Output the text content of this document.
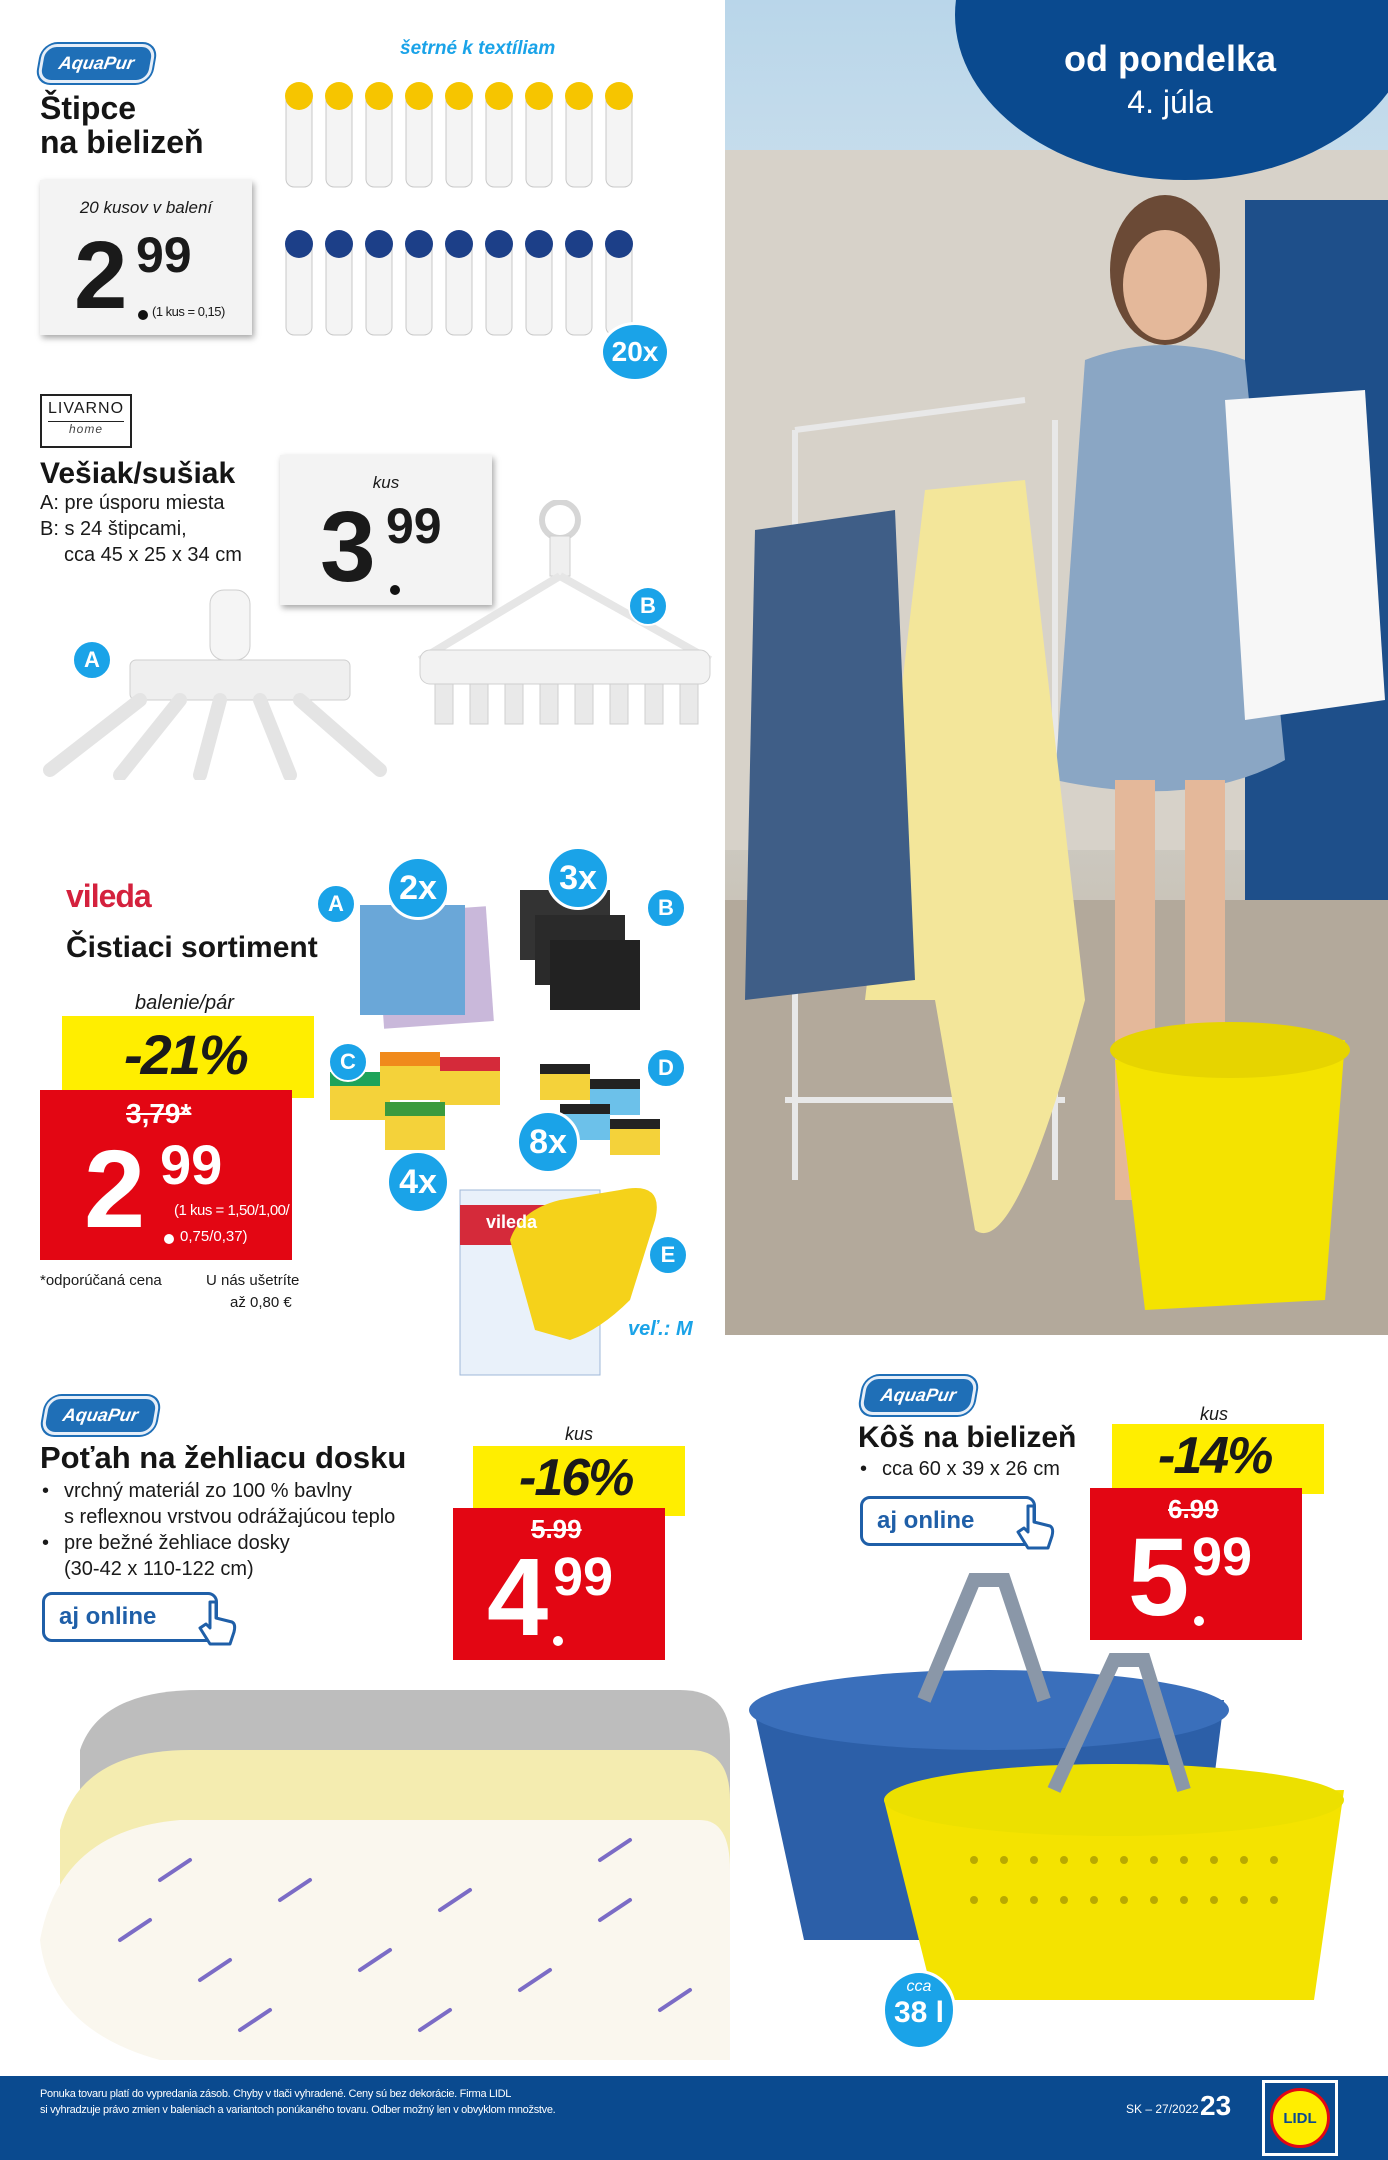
od pondelka
4. júla
AquaPur
šetrné k textíliam
Štipce
na bielizeň
20 kusov v balení
2 99
(1 kus = 0,15)
20x
LIVARNO
home
Vešiak/sušiak
A: pre úsporu miesta
B: s 24 štipcami,
cca 45 x 25 x 34 cm
kus
3 99
A
B
vileda
Čistiaci sortiment
balenie/pár
-21%
3,79*
2 99
(1 kus = 1,50/1,00/
0,75/0,37)
*odporúčaná cena	U nás ušetríte
až 0,80 €
vileda
2x	3x
4x
8x
A	B
C	D
E
veľ.: M
AquaPur
Poťah na žehliacu dosku
• vrchný materiál zo 100 % bavlny
s reflexnou vrstvou odrážajúcou teplo
• pre bežné žehliace dosky
(30-42 x 110-122 cm)
aj online
kus
-16%
5.99
4 99
AquaPur
Kôš na bielizeň
• cca 60 x 39 x 26 cm
aj online
kus
-14%
6.99
5 99
cca
38 l
Ponuka tovaru platí do vypredania zásob. Chyby v tlači vyhradené. Ceny sú bez dekorácie. Firma LIDL
si vyhradzuje právo zmien v baleniach a variantoch ponúkaného tovaru. Odber možný len v obvyklom množstve.	SK – 27/2022 23	LIDL
